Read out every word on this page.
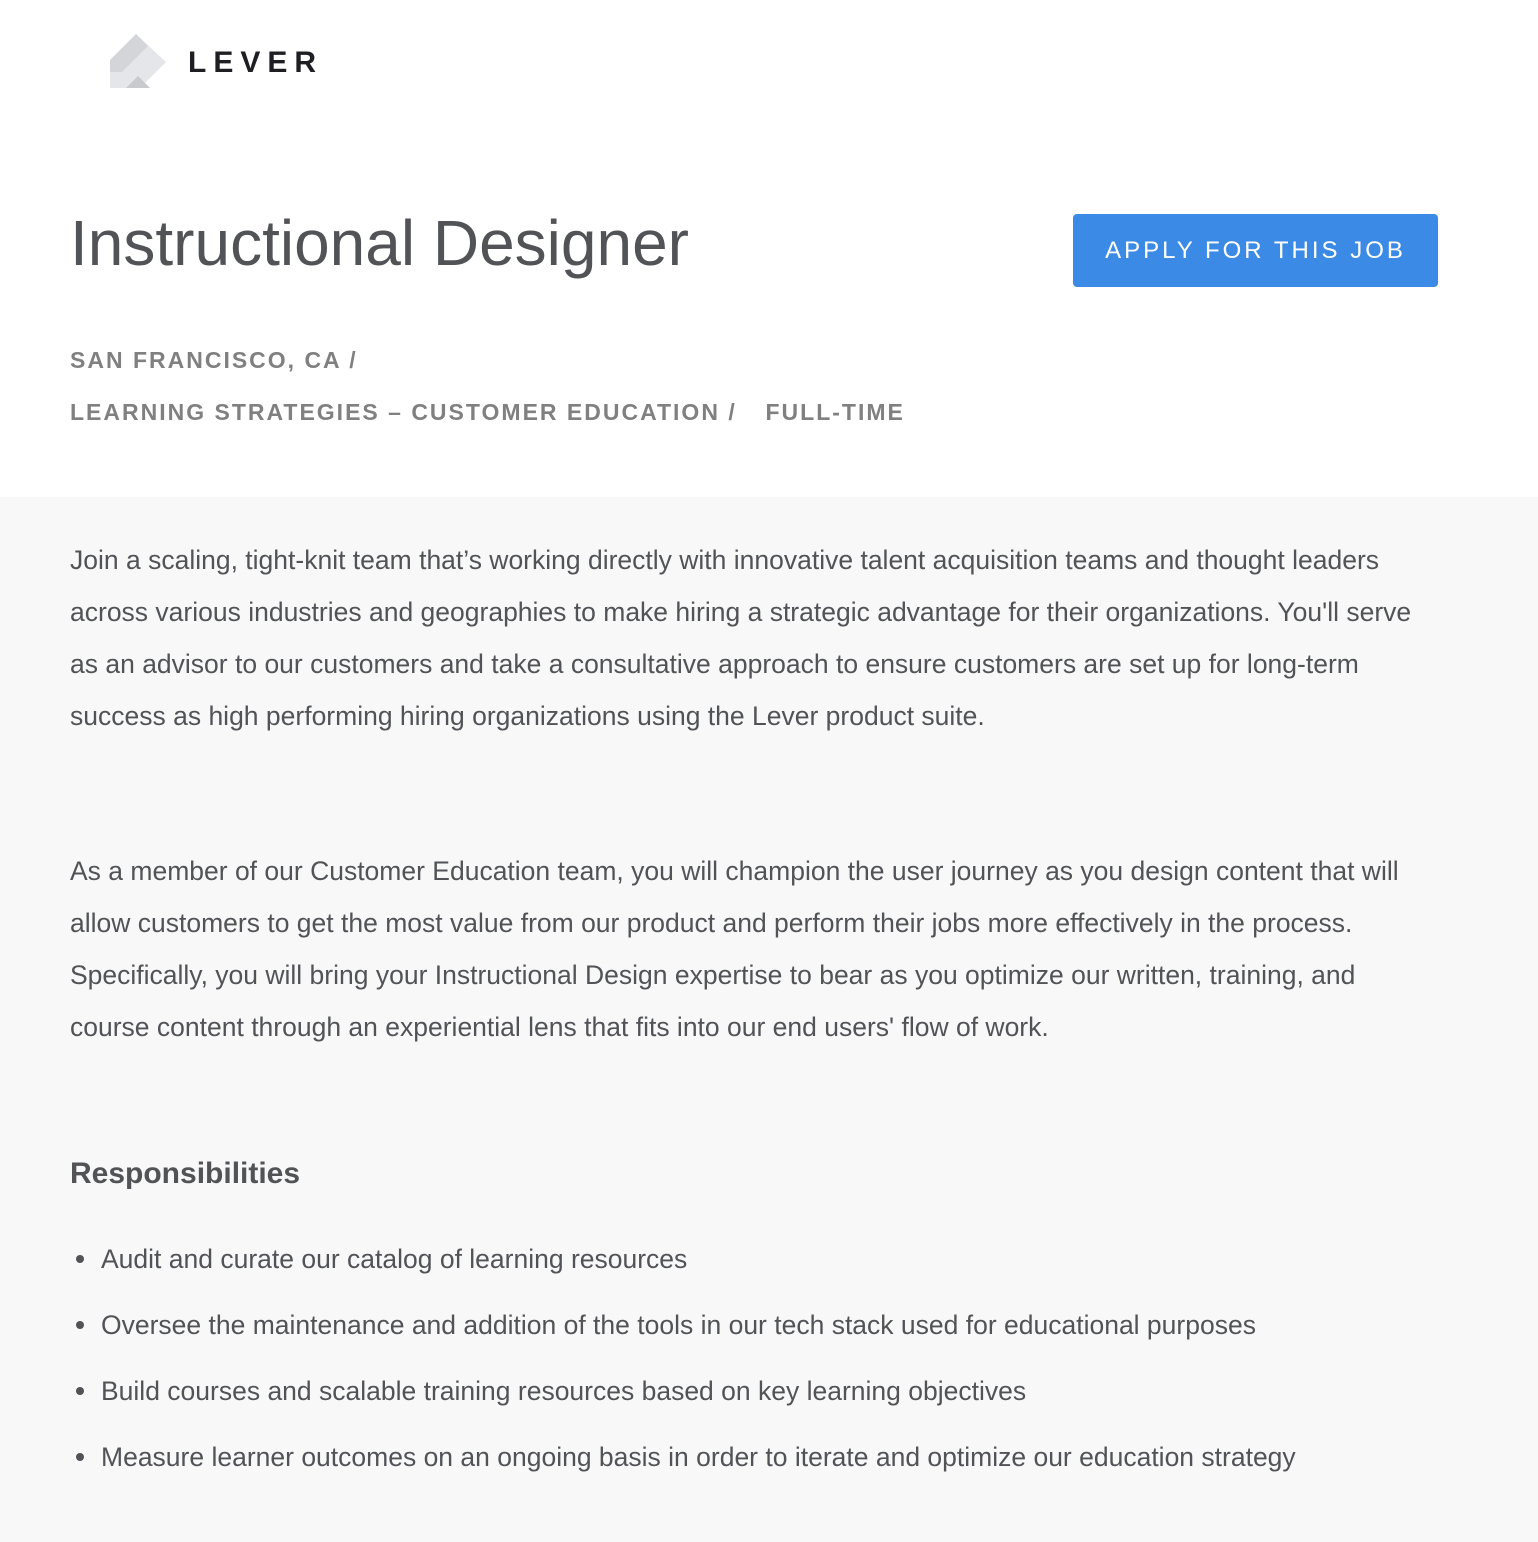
LEVER
Instructional Designer	APPLY FOR THIS JOB
SAN FRANCISCO, CA /
LEARNING STRATEGIES – CUSTOMER EDUCATION / FULL-TIME

Join a scaling, tight-knit team that’s working directly with innovative talent acquisition teams and thought leaders across various industries and geographies to make hiring a strategic advantage for their organizations. You'll serve as an advisor to our customers and take a consultative approach to ensure customers are set up for long-term success as high performing hiring organizations using the Lever product suite.

As a member of our Customer Education team, you will champion the user journey as you design content that will allow customers to get the most value from our product and perform their jobs more effectively in the process. Specifically, you will bring your Instructional Design expertise to bear as you optimize our written, training, and course content through an experiential lens that fits into our end users' flow of work.

Responsibilities
Audit and curate our catalog of learning resources
Oversee the maintenance and addition of the tools in our tech stack used for educational purposes
Build courses and scalable training resources based on key learning objectives
Measure learner outcomes on an ongoing basis in order to iterate and optimize our education strategy
